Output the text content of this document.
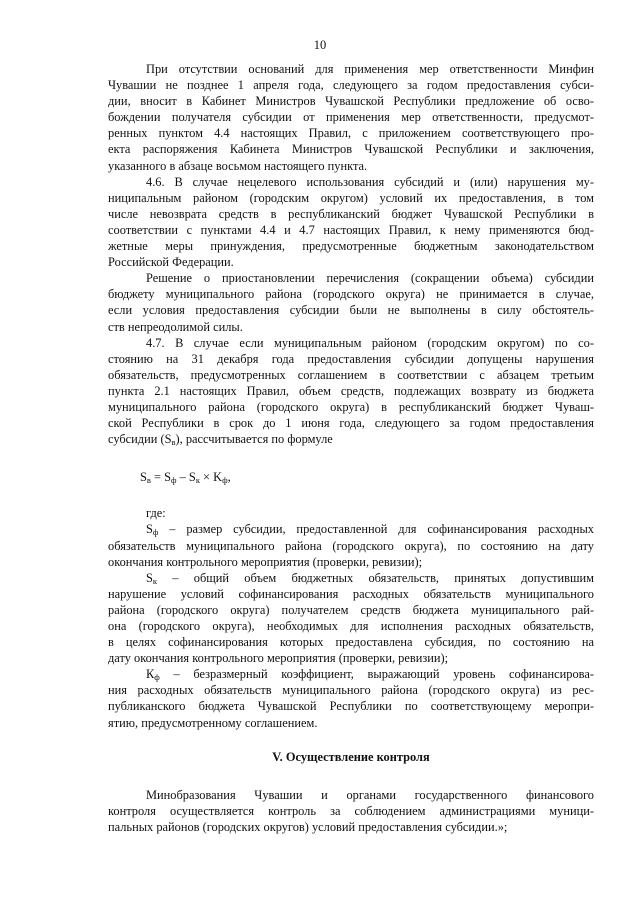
10
При отсутствии оснований для применения мер ответственности Минфин
Чувашии не позднее 1 апреля года, следующего за годом предоставления субси-
дии, вносит в Кабинет Министров Чувашской Республики предложение об осво-
бождении получателя субсидии от применения мер ответственности, предусмот-
ренных пунктом 4.4 настоящих Правил, с приложением соответствующего про-
екта распоряжения Кабинета Министров Чувашской Республики и заключения,
указанного в абзаце восьмом настоящего пункта.
4.6. В случае нецелевого использования субсидий и (или) нарушения му-
ниципальным районом (городским округом) условий их предоставления, в том
числе невозврата средств в республиканский бюджет Чувашской Республики в
соответствии с пунктами 4.4 и 4.7 настоящих Правил, к нему применяются бюд-
жетные меры принуждения, предусмотренные бюджетным законодательством
Российской Федерации.
Решение о приостановлении перечисления (сокращении объема) субсидии
бюджету муниципального района (городского округа) не принимается в случае,
если условия предоставления субсидии были не выполнены в силу обстоятель-
ств непреодолимой силы.
4.7. В случае если муниципальным районом (городским округом) по со-
стоянию на 31 декабря года предоставления субсидии допущены нарушения
обязательств, предусмотренных соглашением в соответствии с абзацем третьим
пункта 2.1 настоящих Правил, объем средств, подлежащих возврату из бюджета
муниципального района (городского округа) в республиканский бюджет Чуваш-
ской Республики в срок до 1 июня года, следующего за годом предоставления
субсидии $(S_в)$, рассчитывается по формуле
$S_в = S_ф - S_к \times K_ф$,
где:
$S_ф$ – размер субсидии, предоставленной для софинансирования расходных
обязательств муниципального района (городского округа), по состоянию на дату
окончания контрольного мероприятия (проверки, ревизии);
$S_к$ – общий объем бюджетных обязательств, принятых допустившим
нарушение условий софинансирования расходных обязательств муниципального
района (городского округа) получателем средств бюджета муниципального рай-
она (городского округа), необходимых для исполнения расходных обязательств,
в целях софинансирования которых предоставлена субсидия, по состоянию на
дату окончания контрольного мероприятия (проверки, ревизии);
$К_ф$ – безразмерный коэффициент, выражающий уровень софинансирова-
ния расходных обязательств муниципального района (городского округа) из рес-
публиканского бюджета Чувашской Республики по соответствующему меропри-
ятию, предусмотренному соглашением.
V. Осуществление контроля
Минобразования Чувашии и органами государственного финансового
контроля осуществляется контроль за соблюдением администрациями муници-
пальных районов (городских округов) условий предоставления субсидии.»;
